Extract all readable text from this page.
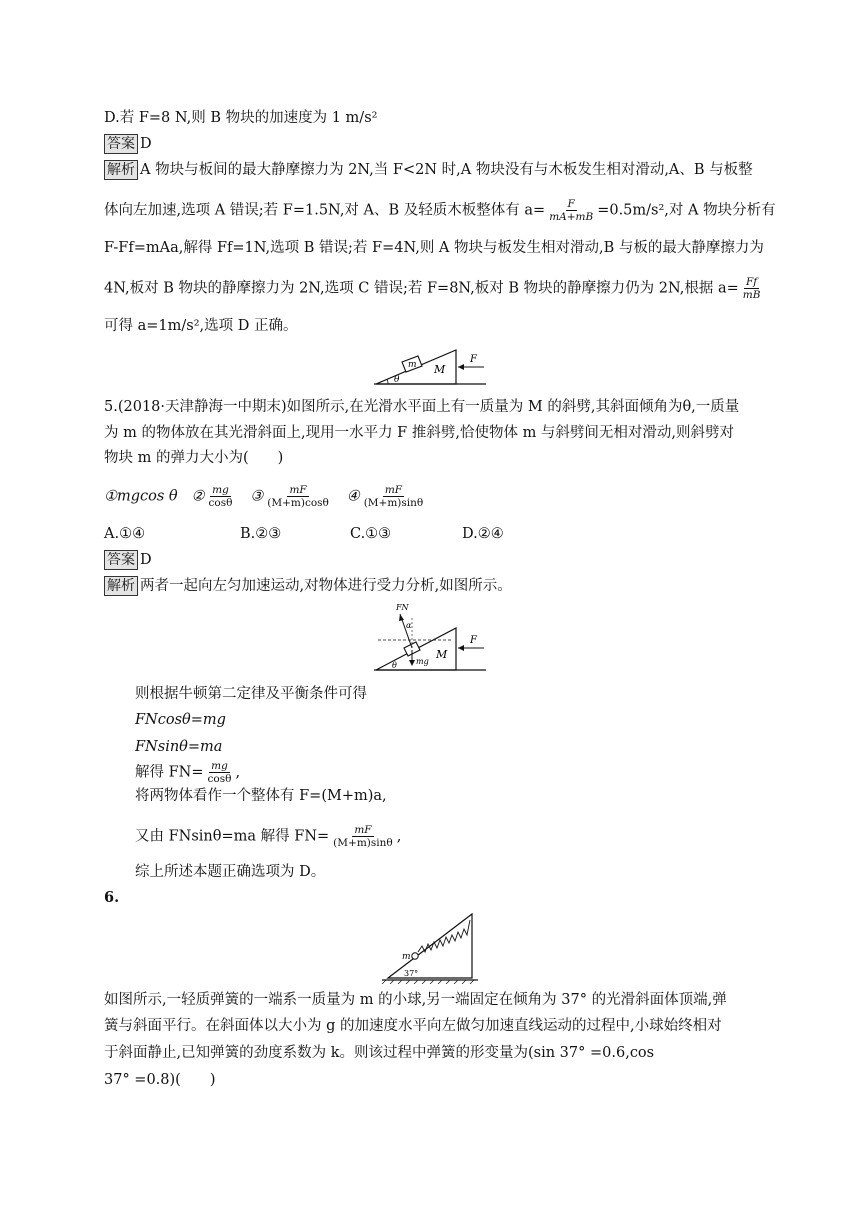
D.若 F=8 N,则 B 物块的加速度为 1 m/s²
答案 D
解析 A 物块与板间的最大静摩擦力为 2N,当 F<2N 时,A 物块没有与木板发生相对滑动,A、B 与板整
体向左加速,选项 A 错误;若 F=1.5N,对 A、B 及轻质木板整体有 $a= \frac{F}{mA+mB} =0.5m/s^2$,对 A 物块分析有
F-Ff=mAa,解得 Ff=1N,选项 B 错误;若 F=4N,则 A 物块与板发生相对滑动,B 与板的最大静摩擦力为
4N,板对 B 物块的静摩擦力为 2N,选项 C 错误;若 F=8N,板对 B 物块的静摩擦力仍为 2N,根据 $a= \frac{Ff}{mB}$
可得 a=1m/s²,选项 D 正确。
m M
θ
F
5.(2018·天津静海一中期末)如图所示,在光滑水平面上有一质量为 M 的斜劈,其斜面倾角为θ,一质量
为 m 的物体放在其光滑斜面上,现用一水平力 F 推斜劈,恰使物体 m 与斜劈间无相对滑动,则斜劈对
物块 m 的弹力大小为(　　)
①mgcos θ ② $\frac{mg}{\cos\theta}$ ③ $\frac{mF}{(M+m)\cos\theta}$ ④ $\frac{mF}{(M+m)\sin\theta}$
A.①④	B.②③	C.①③	D.②④
答案 D
解析 两者一起向左匀加速运动,对物体进行受力分析,如图所示。
FN
α
mg
M
θ
F
则根据牛顿第二定律及平衡条件可得
FNcosθ=mg
FNsinθ=ma
解得 $FN= \frac{mg}{\cos\theta}$ ,
将两物体看作一个整体有 F=(M+m)a,
又由 FNsinθ=ma 解得 $FN= \frac{mF}{(M+m)\sin\theta}$ ,
综上所述本题正确选项为 D。
6.
m
37°
如图所示,一轻质弹簧的一端系一质量为 m 的小球,另一端固定在倾角为 37° 的光滑斜面体顶端,弹
簧与斜面平行。在斜面体以大小为 g 的加速度水平向左做匀加速直线运动的过程中,小球始终相对
于斜面静止,已知弹簧的劲度系数为 k。则该过程中弹簧的形变量为(sin 37° =0.6,cos
37° =0.8)(　　)
